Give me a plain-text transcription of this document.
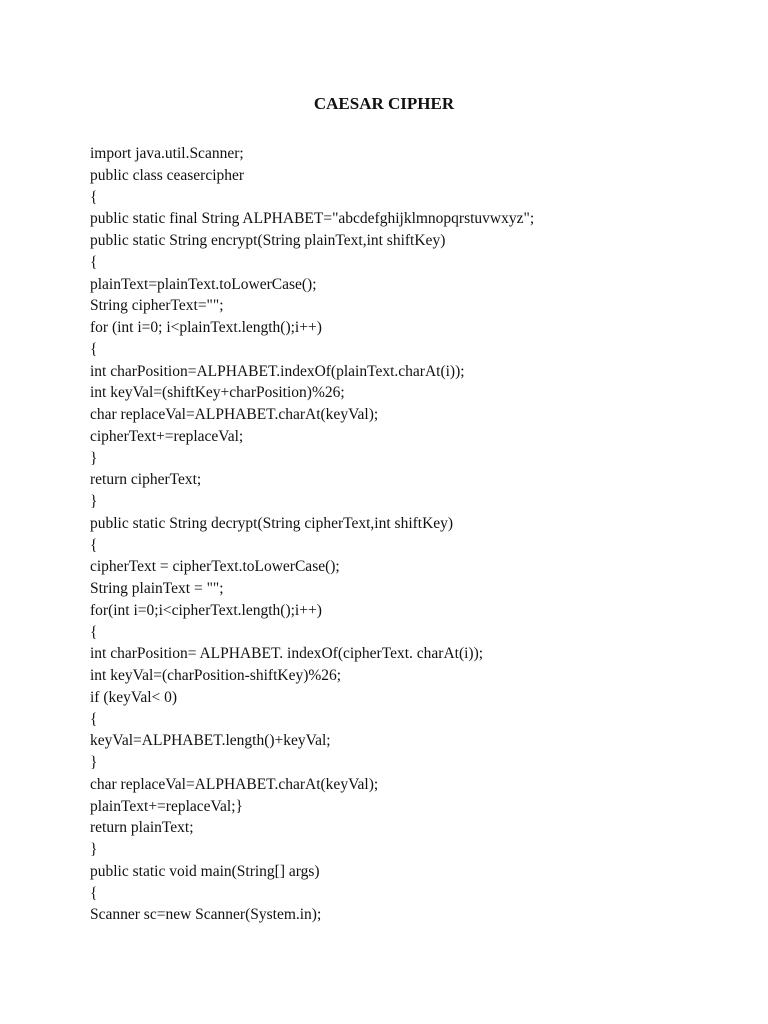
CAESAR CIPHER
import java.util.Scanner;
public class ceasercipher
{
public static final String ALPHABET="abcdefghijklmnopqrstuvwxyz";
public static String encrypt(String plainText,int shiftKey)
{
plainText=plainText.toLowerCase();
String cipherText="";
for (int i=0; i<plainText.length();i++)
{
int charPosition=ALPHABET.indexOf(plainText.charAt(i));
int keyVal=(shiftKey+charPosition)%26;
char replaceVal=ALPHABET.charAt(keyVal);
cipherText+=replaceVal;
}
return cipherText;
}
public static String decrypt(String cipherText,int shiftKey)
{
cipherText = cipherText.toLowerCase();
String plainText = "";
for(int i=0;i<cipherText.length();i++)
{
int charPosition= ALPHABET. indexOf(cipherText. charAt(i));
int keyVal=(charPosition-shiftKey)%26;
if (keyVal< 0)
{
keyVal=ALPHABET.length()+keyVal;
}
char replaceVal=ALPHABET.charAt(keyVal);
plainText+=replaceVal;}
return plainText;
}
public static void main(String[] args)
{
Scanner sc=new Scanner(System.in);
